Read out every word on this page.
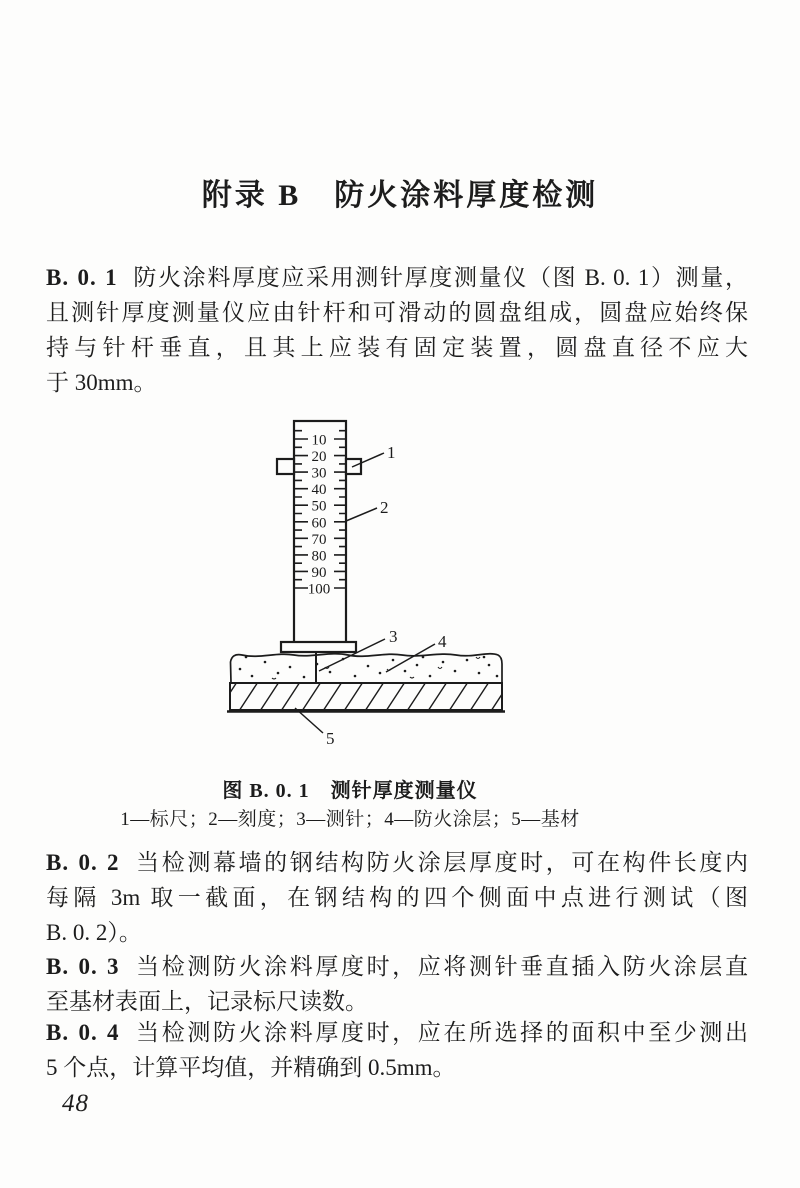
附录 B　防火涂料厚度检测
B. 0. 1 防火涂料厚度应采用测针厚度测量仪（图 B. 0. 1）测量，
且测针厚度测量仪应由针杆和可滑动的圆盘组成，圆盘应始终保
持与针杆垂直，且其上应装有固定装置，圆盘直径不应大
于 30mm。
10
20
30
40
50
60
70
80
90
100
1
2
3 4
5
图 B. 0. 1　测针厚度测量仪
1—标尺；2—刻度；3—测针；4—防火涂层；5—基材
B. 0. 2 当检测幕墙的钢结构防火涂层厚度时，可在构件长度内
每隔 3m 取一截面，在钢结构的四个侧面中点进行测试（图
B. 0. 2）。
B. 0. 3 当检测防火涂料厚度时，应将测针垂直插入防火涂层直
至基材表面上，记录标尺读数。
B. 0. 4 当检测防火涂料厚度时，应在所选择的面积中至少测出
5 个点，计算平均值，并精确到 0.5mm。
48
